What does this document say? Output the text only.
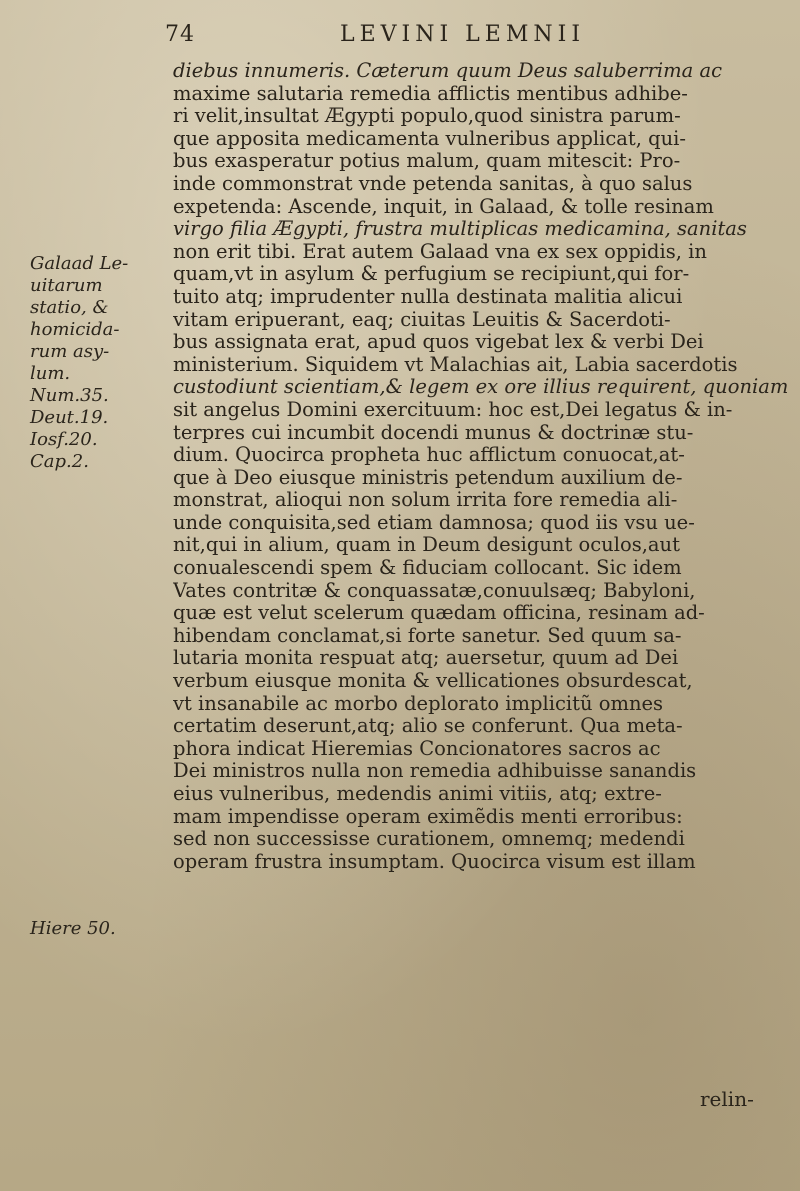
74	LEVINI LEMNII
Galaad Le-
uitarum
statio, &
homicida-
rum asy-
lum.
Num.35.
Deut.19.
Iosf.20.
Cap.2.
Hiere 50.
diebus innumeris. Cæterum quum Deus saluberrima ac
maxime salutaria remedia afflictis mentibus adhibe-
ri velit,insultat Ægypti populo,quod sinistra parum-
que apposita medicamenta vulneribus applicat, qui-
bus exasperatur potius malum, quam mitescit: Pro-
inde commonstrat vnde petenda sanitas, à quo salus
expetenda: Ascende, inquit, in Galaad, & tolle resinam
virgo filia Ægypti, frustra multiplicas medicamina, sanitas
non erit tibi. Erat autem Galaad vna ex sex oppidis, in
quam,vt in asylum & perfugium se recipiunt,qui for-
tuito atq; imprudenter nulla destinata malitia alicui
vitam eripuerant, eaq; ciuitas Leuitis & Sacerdoti-
bus assignata erat, apud quos vigebat lex & verbi Dei
ministerium. Siquidem vt Malachias ait, Labia sacerdotis
custodiunt scientiam,& legem ex ore illius requirent, quoniam
sit angelus Domini exercituum: hoc est,Dei legatus & in-
terpres cui incumbit docendi munus & doctrinæ stu-
dium. Quocirca propheta huc afflictum conuocat,at-
que à Deo eiusque ministris petendum auxilium de-
monstrat, alioqui non solum irrita fore remedia ali-
unde conquisita,sed etiam damnosa; quod iis vsu ue-
nit,qui in alium, quam in Deum desigunt oculos,aut
conualescendi spem & fiduciam collocant. Sic idem
Vates contritæ & conquassatæ,conuulsæq; Babyloni,
quæ est velut scelerum quædam officina, resinam ad-
hibendam conclamat,si forte sanetur. Sed quum sa-
lutaria monita respuat atq; auersetur, quum ad Dei
verbum eiusque monita & vellicationes obsurdescat,
vt insanabile ac morbo deplorato implicitũ omnes
certatim deserunt,atq; alio se conferunt. Qua meta-
phora indicat Hieremias Concionatores sacros ac
Dei ministros nulla non remedia adhibuisse sanandis
eius vulneribus, medendis animi vitiis, atq; extre-
mam impendisse operam eximẽdis menti erroribus:
sed non successisse curationem, omnemq; medendi
operam frustra insumptam. Quocirca visum est illam
relin-
